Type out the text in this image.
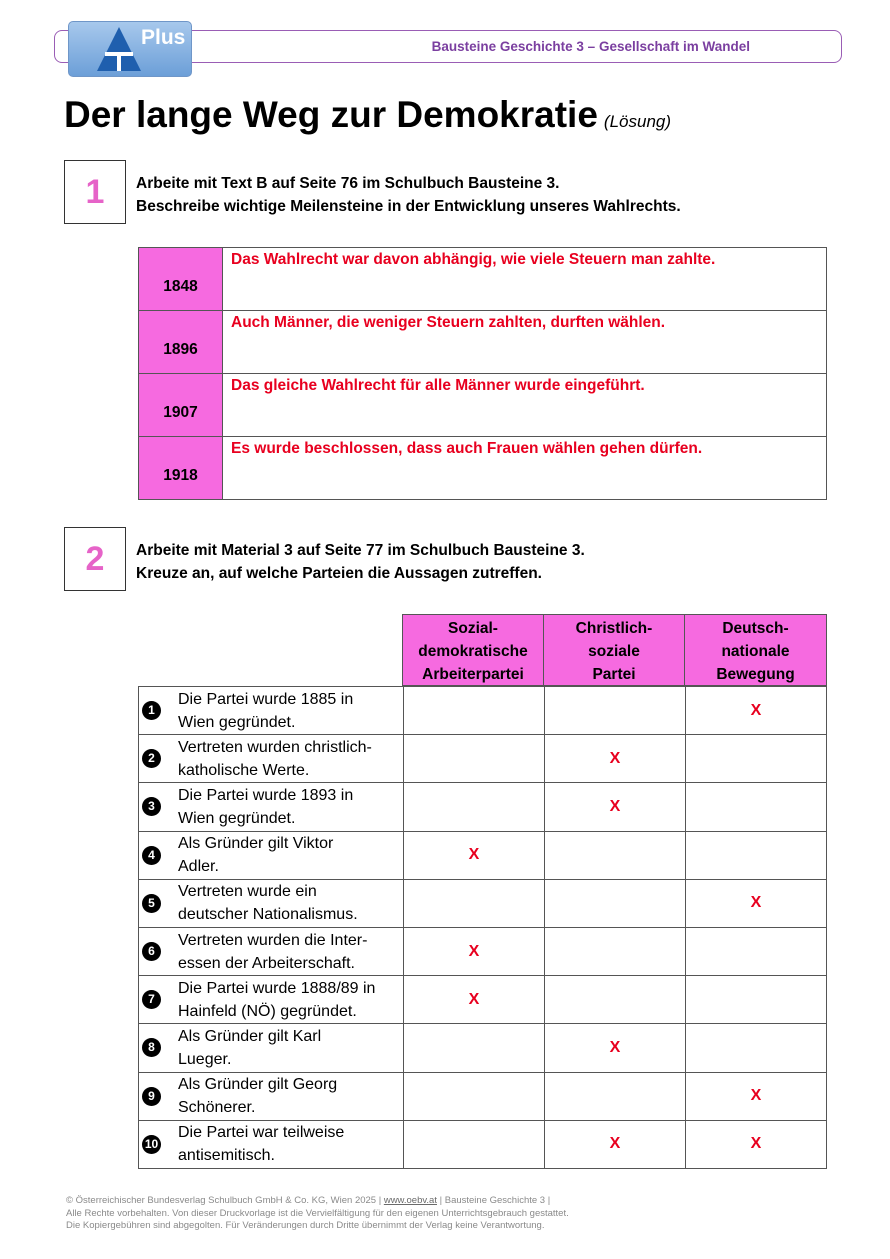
Bausteine Geschichte 3 – Gesellschaft im Wandel
Plus
Der lange Weg zur Demokratie (Lösung)
1	Arbeite mit Text B auf Seite 76 im Schulbuch Bausteine 3.
Beschreibe wichtige Meilensteine in der Entwicklung unseres Wahlrechts.
1848	Das Wahlrecht war davon abhängig, wie viele Steuern man zahlte.
1896	Auch Männer, die weniger Steuern zahlten, durften wählen.
1907	Das gleiche Wahlrecht für alle Männer wurde eingeführt.
1918	Es wurde beschlossen, dass auch Frauen wählen gehen dürfen.
2	Arbeite mit Material 3 auf Seite 77 im Schulbuch Bausteine 3.
Kreuze an, auf welche Parteien die Aussagen zutreffen.
Sozial-
demokratische
Arbeiterpartei
Christlich-
soziale
Partei
Deutsch-
nationale
Bewegung
1
Die Partei wurde 1885 in
Wien gegründet.			X

2
Vertreten wurden christlich-
katholische Werte.		X	

3
Die Partei wurde 1893 in
Wien gegründet.		X	

4
Als Gründer gilt Viktor
Adler.	X		

5
Vertreten wurde ein
deutscher Nationalismus.			X

6
Vertreten wurden die Inter-
essen der Arbeiterschaft.	X		

7
Die Partei wurde 1888/89 in
Hainfeld (NÖ) gegründet.	X		

8
Als Gründer gilt Karl
Lueger.		X	

9
Als Gründer gilt Georg
Schönerer.			X

10
Die Partei war teilweise
antisemitisch.		X	X
© Österreichischer Bundesverlag Schulbuch GmbH & Co. KG, Wien 2025 | www.oebv.at | Bausteine Geschichte 3 |
Alle Rechte vorbehalten. Von dieser Druckvorlage ist die Vervielfältigung für den eigenen Unterrichtsgebrauch gestattet.
Die Kopiergebühren sind abgegolten. Für Veränderungen durch Dritte übernimmt der Verlag keine Verantwortung.
